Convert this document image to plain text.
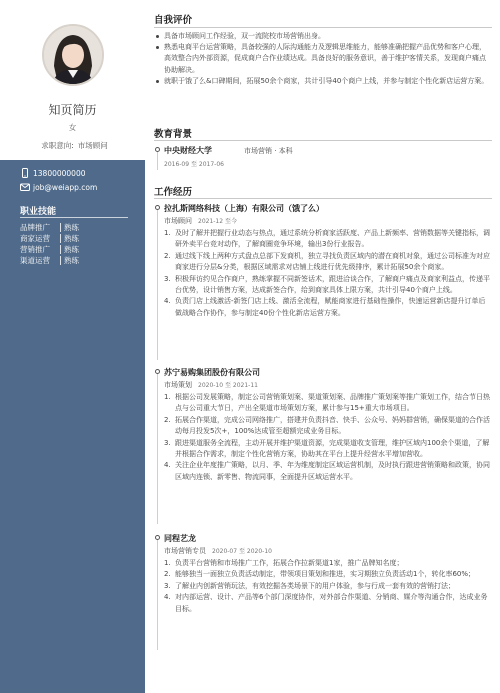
知页简历
女
求职意向: 市场顾问
13800000000
job@weiapp.com
职业技能
品牌推广	熟练
商家运营	熟练
营销推广	熟练
渠道运营	熟练
自我评价
具备市场顾问工作经验，双一流院校市场营销出身。
熟悉电商平台运营策略，具备较强的人际沟通能力及逻辑思维能力，能够准确把握产品优势和客户心理，高效整合内外部资源，促成商户合作业绩达成。具备良好的服务意识，善于维护客情关系，发现商户痛点协助解决。
就职于饿了么&口碑期间，拓展50余个商家，共计引导40个商户上线，并参与制定个性化新店运营方案。
教育背景
中央财经大学	市场营销 · 本科
2016-09 至 2017-06
工作经历
拉扎斯网络科技（上海）有限公司（饿了么）
市场顾问 2021-12 至今
1. 及时了解并把握行业动态与热点，通过系统分析商家活跃度、产品上新频率、营销数据等关键指标，调研外卖平台竞对动作，了解商圈竞争环境，输出3份行业报告。
2. 通过线下线上两种方式盘点总部下发商机，独立寻找负责区域内的潜在商机对象，通过公司标准为对应商家进行分层&分类，根据区域需求对店铺上线进行优先级排序，累计拓展50余个商家。
3. 积极拜访约见合作商户，熟练掌握不同新签话术，跟进洽谈合作，了解商户痛点及商家利益点，传递平台优势，设计销售方案，达成新签合作，给到商家具体上限方案，共计引导40个商户上线。
4. 负责门店上线激活-新签门店上线、激活全流程，赋能商家进行基础性操作，快速运营新店提升订单后做战略合作协作，参与制定40份个性化新店运营方案。
苏宁易购集团股份有限公司
市场策划 2020-10 至 2021-11
1. 根据公司发展策略，制定公司营销策划案、渠道策划案、品牌推广策划案等推广策划工作，结合节日热点与公司重大节日，产出全渠道市场策划方案，累计参与15+重大市场项目。
2. 拓展合作渠道，完成公司网络推广，搭建并负责抖音、快手、公众号、妈妈群营销，确保渠道的合作活动每月投发5次+，100%达成管至超额完成业务目标。
3. 跟进渠道服务全流程，主动开展并维护渠道资源，完成渠道收支管理，维护区域内100余个渠道，了解并根据合作需求，制定个性化营销方案，协助其在平台上提升经营水平增加营收。
4. 关注企业年度推广策略，以月、季、年为维度制定区域运营机制，及时执行跟进营销策略和政策，协同区域内连锁、新零售、物流同事，全面提升区域运营水平。
同程艺龙
市场营销专员 2020-07 至 2020-10
1. 负责平台营销和市场推广工作，拓展合作拉新渠道1家，推广品牌知名度；
2. 能够独当一面独立负责活动制定，带领项目策划和推进，实习期独立负责活动1个，转化率60%；
3. 了解业内创新营销玩法，有效挖掘各类场景下的用户体验，参与行成一套有效的营销打法；
4. 对内部运营、设计、产品等6个部门深度协作，对外部合作渠道、分销商、媒介等沟通合作，达成业务目标。
